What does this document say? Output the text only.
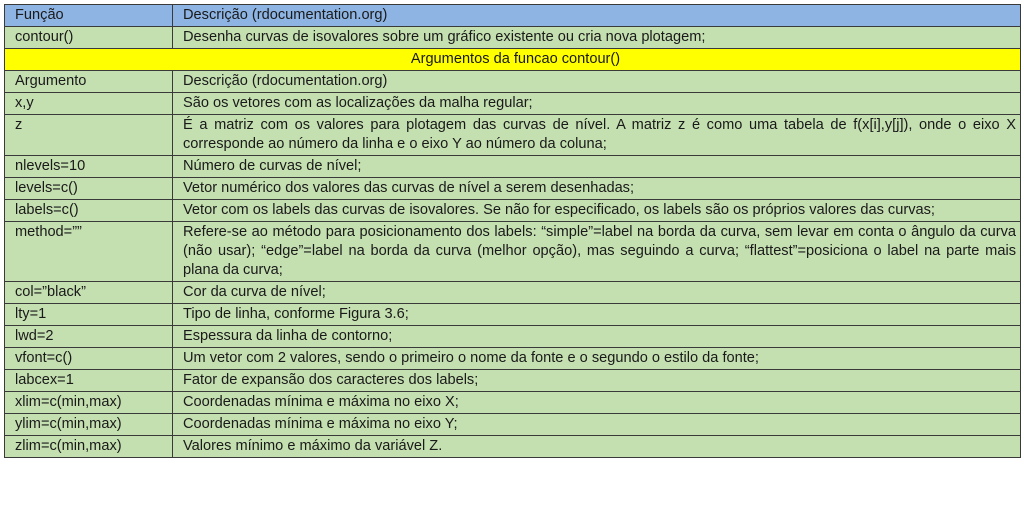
Função	Descrição (rdocumentation.org)
contour()	Desenha curvas de isovalores sobre um gráfico existente ou cria nova plotagem;
Argumentos da funcao contour()	
Argumento	Descrição (rdocumentation.org)
x,y	São os vetores com as localizações da malha regular;
z	É a matriz com os valores para plotagem das curvas de nível. A matriz z é como uma tabela de f(x[i],y[j]), onde o eixo X corresponde ao número da linha e o eixo Y ao número da coluna;
nlevels=10	Número de curvas de nível;
levels=c()	Vetor numérico dos valores das curvas de nível a serem desenhadas;
labels=c()	Vetor com os labels das curvas de isovalores. Se não for especificado, os labels são os próprios valores das curvas;
method=””	Refere-se ao método para posicionamento dos labels: “simple”=label na borda da curva, sem levar em conta o ângulo da curva (não usar); “edge”=label na borda da curva (melhor opção), mas seguindo a curva; “flattest”=posiciona o label na parte mais plana da curva;
col=”black”	Cor da curva de nível;
lty=1	Tipo de linha, conforme Figura 3.6;
lwd=2	Espessura da linha de contorno;
vfont=c()	Um vetor com 2 valores, sendo o primeiro o nome da fonte e o segundo o estilo da fonte;
labcex=1	Fator de expansão dos caracteres dos labels;
xlim=c(min,max)	Coordenadas mínima e máxima no eixo X;
ylim=c(min,max)	Coordenadas mínima e máxima no eixo Y;
zlim=c(min,max)	Valores mínimo e máximo da variável Z.
